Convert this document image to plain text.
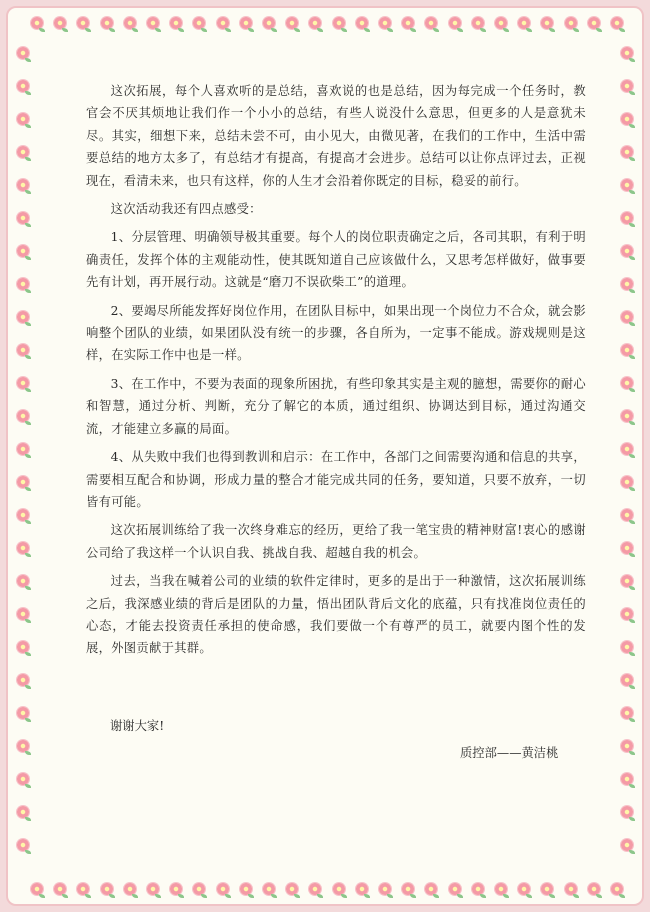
这次拓展，每个人喜欢听的是总结，喜欢说的也是总结，因为每完成一个任务时，教官会不厌其烦地让我们作一个小小的总结，有些人说没什么意思，但更多的人是意犹未尽。其实，细想下来，总结未尝不可，由小见大，由微见著，在我们的工作中，生活中需要总结的地方太多了，有总结才有提高，有提高才会进步。总结可以让你点评过去，正视现在，看清未来，也只有这样，你的人生才会沿着你既定的目标，稳妥的前行。

这次活动我还有四点感受：

1、分层管理、明确领导极其重要。每个人的岗位职责确定之后，各司其职，有利于明确责任，发挥个体的主观能动性，使其既知道自己应该做什么，又思考怎样做好，做事要先有计划，再开展行动。这就是“磨刀不误砍柴工”的道理。

2、要竭尽所能发挥好岗位作用，在团队目标中，如果出现一个岗位力不合众，就会影响整个团队的业绩，如果团队没有统一的步骤，各自所为，一定事不能成。游戏规则是这样，在实际工作中也是一样。

3、在工作中，不要为表面的现象所困扰，有些印象其实是主观的臆想，需要你的耐心和智慧，通过分析、判断，充分了解它的本质，通过组织、协调达到目标，通过沟通交流，才能建立多赢的局面。

4、从失败中我们也得到教训和启示：在工作中，各部门之间需要沟通和信息的共享，需要相互配合和协调，形成力量的整合才能完成共同的任务，要知道，只要不放弃，一切皆有可能。

这次拓展训练给了我一次终身难忘的经历，更给了我一笔宝贵的精神财富!衷心的感谢公司给了我这样一个认识自我、挑战自我、超越自我的机会。

过去，当我在喊着公司的业绩的软件定律时，更多的是出于一种激情，这次拓展训练之后，我深感业绩的背后是团队的力量，悟出团队背后文化的底蕴，只有找准岗位责任的心态，才能去投资责任承担的使命感，我们要做一个有尊严的员工，就要内图个性的发展，外图贡献于其群。

谢谢大家!
质控部——黄洁桃
